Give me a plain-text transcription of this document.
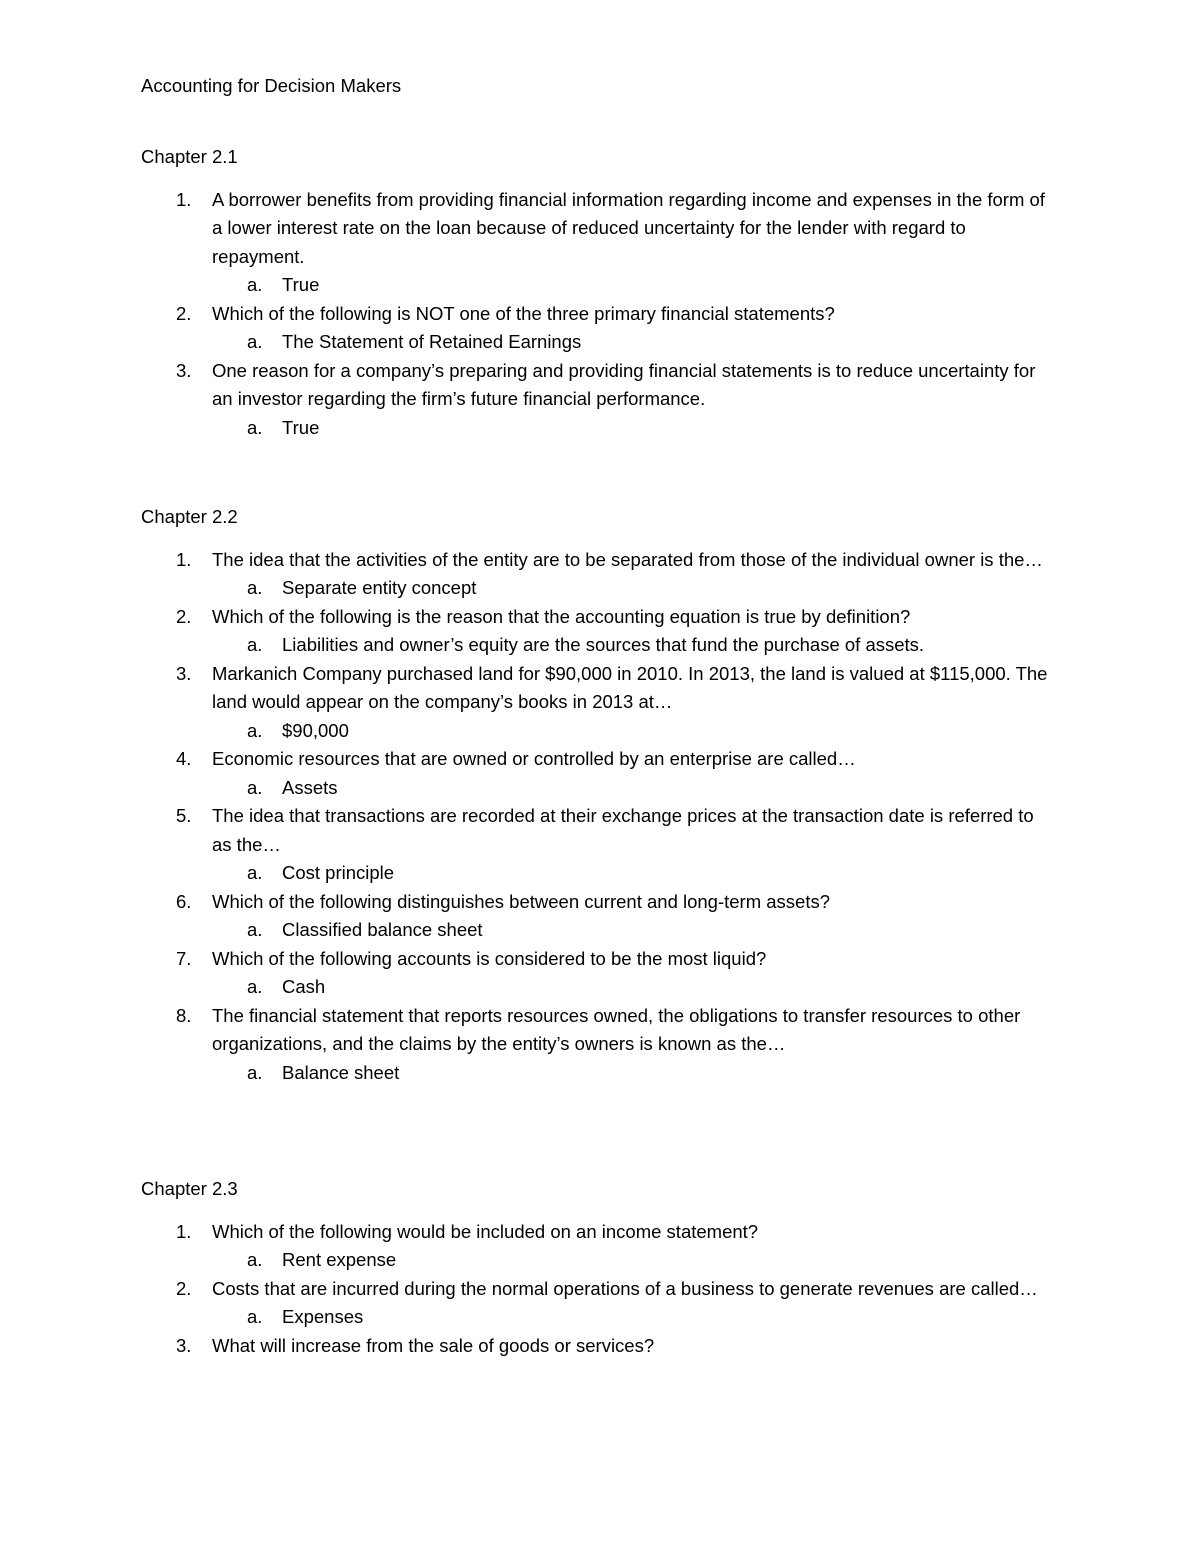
Accounting for Decision Makers
Chapter 2.1
1. A borrower benefits from providing financial information regarding income and expenses in the form of a lower interest rate on the loan because of reduced uncertainty for the lender with regard to repayment.
a. True
2. Which of the following is NOT one of the three primary financial statements?
a. The Statement of Retained Earnings
3. One reason for a company’s preparing and providing financial statements is to reduce uncertainty for an investor regarding the firm’s future financial performance.
a. True
Chapter 2.2
1. The idea that the activities of the entity are to be separated from those of the individual owner is the…
a. Separate entity concept
2. Which of the following is the reason that the accounting equation is true by definition?
a. Liabilities and owner’s equity are the sources that fund the purchase of assets.
3. Markanich Company purchased land for $90,000 in 2010. In 2013, the land is valued at $115,000. The land would appear on the company’s books in 2013 at…
a. $90,000
4. Economic resources that are owned or controlled by an enterprise are called…
a. Assets
5. The idea that transactions are recorded at their exchange prices at the transaction date is referred to as the…
a. Cost principle
6. Which of the following distinguishes between current and long-term assets?
a. Classified balance sheet
7. Which of the following accounts is considered to be the most liquid?
a. Cash
8. The financial statement that reports resources owned, the obligations to transfer resources to other organizations, and the claims by the entity’s owners is known as the…
a. Balance sheet
Chapter 2.3
1. Which of the following would be included on an income statement?
a. Rent expense
2. Costs that are incurred during the normal operations of a business to generate revenues are called…
a. Expenses
3. What will increase from the sale of goods or services?
